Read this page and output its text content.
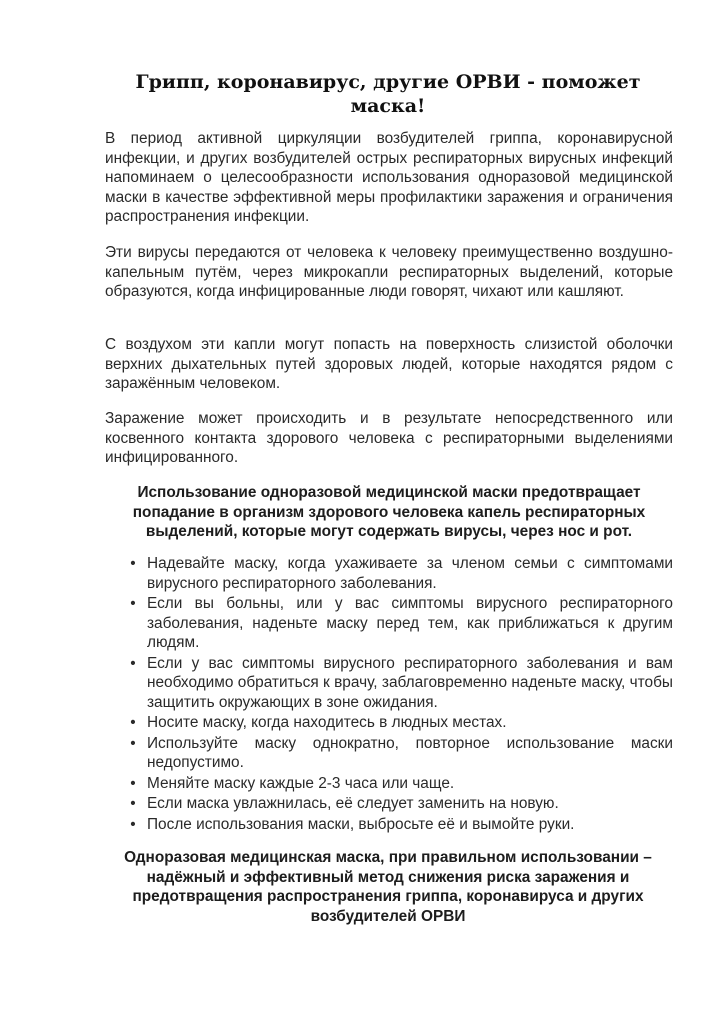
Грипп, коронавирус, другие ОРВИ - поможет маска!

В период активной циркуляции возбудителей гриппа, коронавирусной инфекции, и других возбудителей острых респираторных вирусных инфекций напоминаем о целесообразности использования одноразовой медицинской маски в качестве эффективной меры профилактики заражения и ограничения распространения инфекции.

Эти вирусы передаются от человека к человеку преимущественно воздушно-капельным путём, через микрокапли респираторных выделений, которые образуются, когда инфицированные люди говорят, чихают или кашляют.

С воздухом эти капли могут попасть на поверхность слизистой оболочки верхних дыхательных путей здоровых людей, которые находятся рядом с заражённым человеком.

Заражение может происходить и в результате непосредственного или косвенного контакта здорового человека с респираторными выделениями инфицированного.

Использование одноразовой медицинской маски предотвращает попадание в организм здорового человека капель респираторных выделений, которые могут содержать вирусы, через нос и рот.

• Надевайте маску, когда ухаживаете за членом семьи с симптомами вирусного респираторного заболевания.
• Если вы больны, или у вас симптомы вирусного респираторного заболевания, наденьте маску перед тем, как приближаться к другим людям.
• Если у вас симптомы вирусного респираторного заболевания и вам необходимо обратиться к врачу, заблаговременно наденьте маску, чтобы защитить окружающих в зоне ожидания.
• Носите маску, когда находитесь в людных местах.
• Используйте маску однократно, повторное использование маски недопустимо.
• Меняйте маску каждые 2-3 часа или чаще.
• Если маска увлажнилась, её следует заменить на новую.
• После использования маски, выбросьте её и вымойте руки.

Одноразовая медицинская маска, при правильном использовании – надёжный и эффективный метод снижения риска заражения и предотвращения распространения гриппа, коронавируса и других возбудителей ОРВИ
